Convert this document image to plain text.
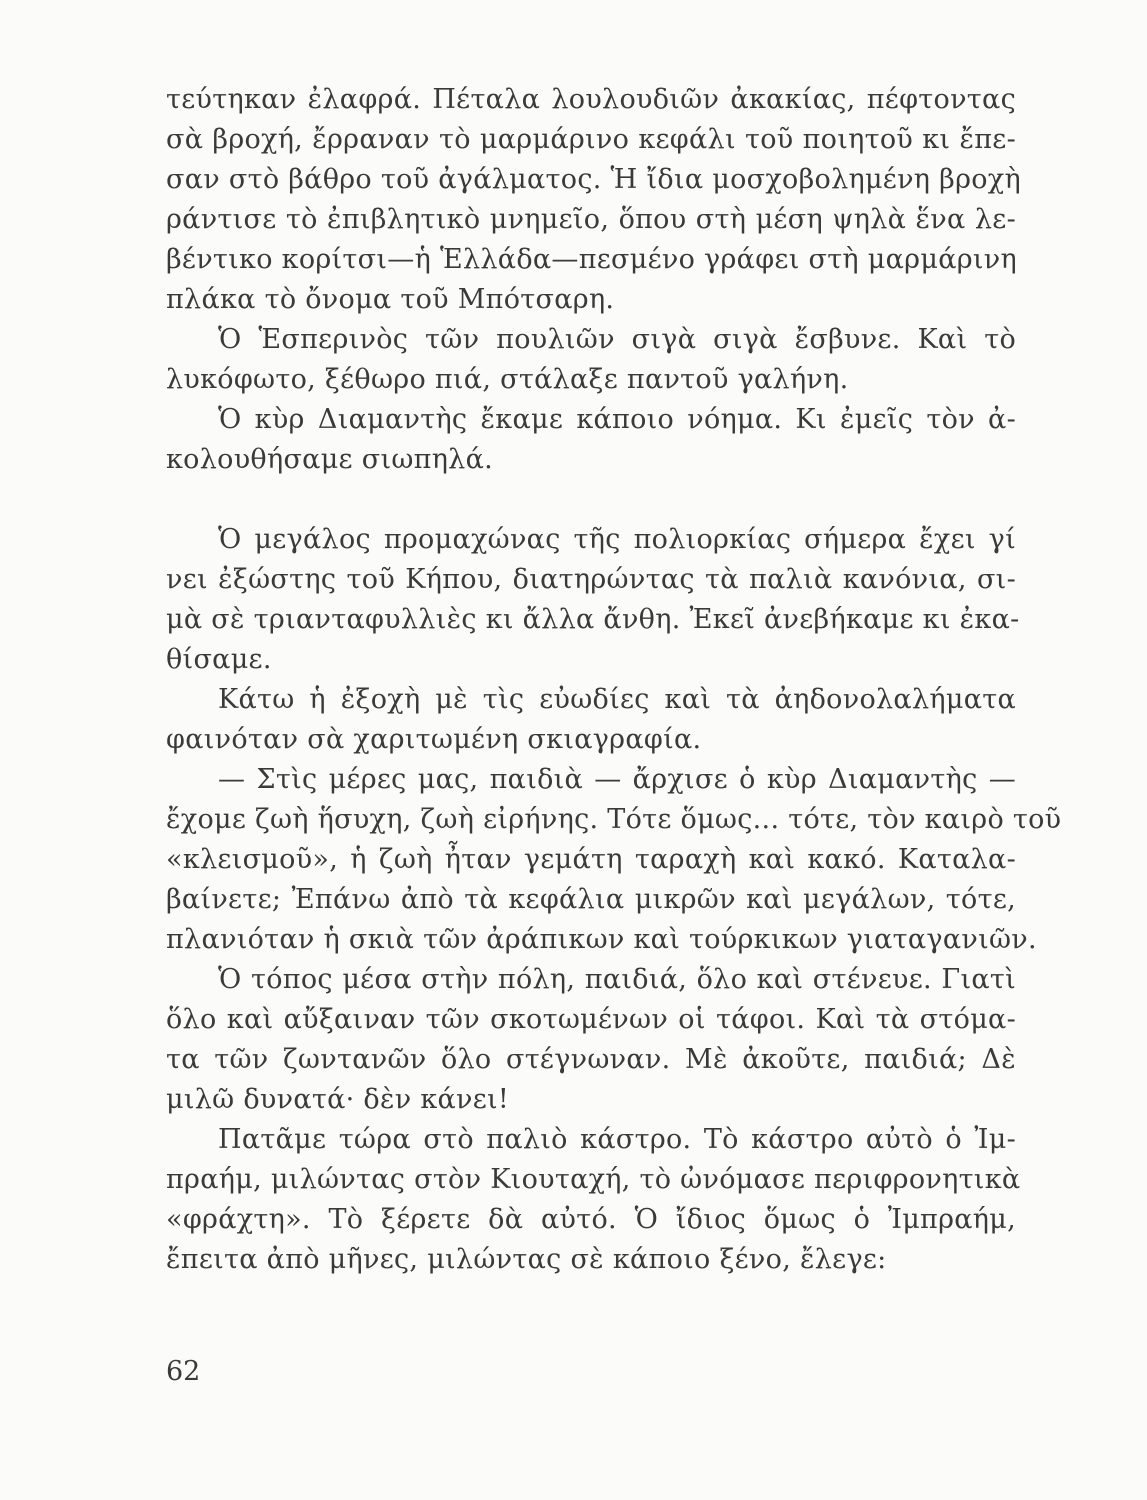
τεύτηκαν ἐλαφρά. Πέταλα λουλουδιῶν ἀκακίας, πέφτοντας
σὰ βροχή, ἔρραναν τὸ μαρμάρινο κεφάλι τοῦ ποιητοῦ κι ἔπε-
σαν στὸ βάθρο τοῦ ἀγάλματος. Ἡ ἴδια μοσχοβολημένη βροχὴ
ράντισε τὸ ἐπιβλητικὸ μνημεῖο, ὅπου στὴ μέση ψηλὰ ἕνα λε-
βέντικο κορίτσι—ἡ Ἑλλάδα—πεσμένο γράφει στὴ μαρμάρινη
πλάκα τὸ ὄνομα τοῦ Μπότσαρη.

Ὁ Ἑσπερινὸς τῶν πουλιῶν σιγὰ σιγὰ ἔσβυνε. Καὶ τὸ
λυκόφωτο, ξέθωρο πιά, στάλαξε παντοῦ γαλήνη.

Ὁ κὺρ Διαμαντὴς ἔκαμε κάποιο νόημα. Κι ἐμεῖς τὸν ἀ-
κολουθήσαμε σιωπηλά.

Ὁ μεγάλος προμαχώνας τῆς πολιορκίας σήμερα ἔχει γί
νει ἐξώστης τοῦ Κήπου, διατηρώντας τὰ παλιὰ κανόνια, σι-
μὰ σὲ τριανταφυλλιὲς κι ἄλλα ἄνθη. Ἐκεῖ ἀνεβήκαμε κι ἐκα-
θίσαμε.

Κάτω ἡ ἐξοχὴ μὲ τὶς εὐωδίες καὶ τὰ ἀηδονολαλήματα
φαινόταν σὰ χαριτωμένη σκιαγραφία.

— Στὶς μέρες μας, παιδιὰ — ἄρχισε ὁ κὺρ Διαμαντὴς —
ἔχομε ζωὴ ἥσυχη, ζωὴ εἰρήνης. Τότε ὅμως... τότε, τὸν καιρὸ τοῦ
«κλεισμοῦ», ἡ ζωὴ ἦταν γεμάτη ταραχὴ καὶ κακό. Καταλα-
βαίνετε; Ἐπάνω ἀπὸ τὰ κεφάλια μικρῶν καὶ μεγάλων, τότε,
πλανιόταν ἡ σκιὰ τῶν ἀράπικων καὶ τούρκικων γιαταγανιῶν.

Ὁ τόπος μέσα στὴν πόλη, παιδιά, ὅλο καὶ στένευε. Γιατὶ
ὅλο καὶ αὔξαιναν τῶν σκοτωμένων οἱ τάφοι. Καὶ τὰ στόμα-
τα τῶν ζωντανῶν ὅλο στέγνωναν. Μὲ ἀκοῦτε, παιδιά; Δὲ
μιλῶ δυνατά· δὲν κάνει!

Πατᾶμε τώρα στὸ παλιὸ κάστρο. Τὸ κάστρο αὐτὸ ὁ Ἰμ-
πραήμ, μιλώντας στὸν Κιουταχή, τὸ ὠνόμασε περιφρονητικὰ
«φράχτη». Τὸ ξέρετε δὰ αὐτό. Ὁ ἴδιος ὅμως ὁ Ἰμπραήμ,
ἔπειτα ἀπὸ μῆνες, μιλώντας σὲ κάποιο ξένο, ἔλεγε:

62
